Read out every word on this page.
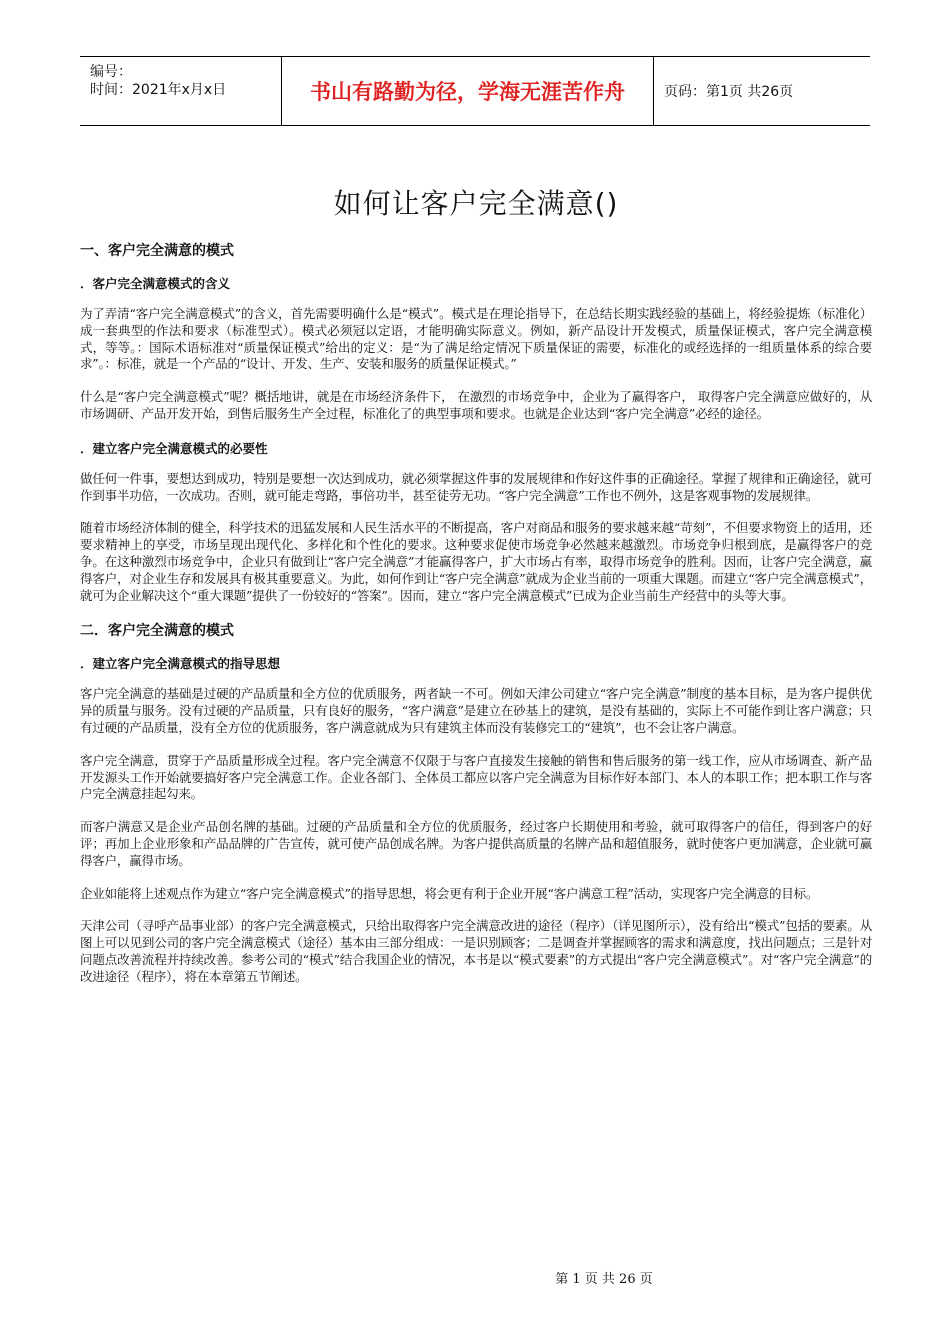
编号：
时间：2021年x月x日	书山有路勤为径，学海无涯苦作舟	页码：第1页 共26页
如何让客户完全满意()
一、客户完全满意的模式
．客户完全满意模式的含义

为了弄清“客户完全满意模式”的含义，首先需要明确什么是“模式”。模式是在理论指导下，在总结长期实践经验的基础上，将经验提炼（标准化）成一套典型的作法和要求（标准型式）。模式必须冠以定语，才能明确实际意义。例如，新产品设计开发模式，质量保证模式，客户完全满意模式，等等。：国际术语标准对“质量保证模式”给出的定义：是“为了满足给定情况下质量保证的需要，标准化的或经选择的一组质量体系的综合要求”。：标准，就是一个产品的“设计、开发、生产、安装和服务的质量保证模式。”

什么是“客户完全满意模式”呢？概括地讲，就是在市场经济条件下， 在激烈的市场竞争中，企业为了赢得客户， 取得客户完全满意应做好的，从市场调研、产品开发开始，到售后服务生产全过程，标准化了的典型事项和要求。也就是企业达到“客户完全满意”必经的途径。

．建立客户完全满意模式的必要性

做任何一件事，要想达到成功，特别是要想一次达到成功，就必须掌握这件事的发展规律和作好这件事的正确途径。掌握了规律和正确途径，就可作到事半功倍，一次成功。否则，就可能走弯路，事倍功半，甚至徒劳无功。“客户完全满意”工作也不例外，这是客观事物的发展规律。

随着市场经济体制的健全，科学技术的迅猛发展和人民生活水平的不断提高，客户对商品和服务的要求越来越“苛刻”，不但要求物资上的适用，还要求精神上的享受，市场呈现出现代化、多样化和个性化的要求。这种要求促使市场竞争必然越来越激烈。市场竞争归根到底，是赢得客户的竞争。在这种激烈市场竞争中，企业只有做到让“客户完全满意”才能赢得客户，扩大市场占有率，取得市场竞争的胜利。因而，让客户完全满意，赢得客户，对企业生存和发展具有极其重要意义。为此，如何作到让“客户完全满意”就成为企业当前的一项重大课题。而建立“客户完全满意模式”，就可为企业解决这个“重大课题”提供了一份较好的“答案”。因而，建立“客户完全满意模式”已成为企业当前生产经营中的头等大事。

二．客户完全满意的模式
．建立客户完全满意模式的指导思想

客户完全满意的基础是过硬的产品质量和全方位的优质服务，两者缺一不可。例如天津公司建立“客户完全满意”制度的基本目标，是为客户提供优异的质量与服务。没有过硬的产品质量，只有良好的服务，“客户满意”是建立在砂基上的建筑，是没有基础的，实际上不可能作到让客户满意；只有过硬的产品质量，没有全方位的优质服务，客户满意就成为只有建筑主体而没有装修完工的“建筑”，也不会让客户满意。

客户完全满意，贯穿于产品质量形成全过程。客户完全满意不仅限于与客户直接发生接触的销售和售后服务的第一线工作，应从市场调查、新产品开发源头工作开始就要搞好客户完全满意工作。企业各部门、全体员工都应以客户完全满意为目标作好本部门、本人的本职工作；把本职工作与客户完全满意挂起勾来。

而客户满意又是企业产品创名牌的基础。过硬的产品质量和全方位的优质服务，经过客户长期使用和考验，就可取得客户的信任，得到客户的好评；再加上企业形象和产品品牌的广告宣传，就可使产品创成名牌。为客户提供高质量的名牌产品和超值服务，就时使客户更加满意，企业就可赢得客户，赢得市场。

企业如能将上述观点作为建立“客户完全满意模式”的指导思想，将会更有利于企业开展“客户满意工程”活动，实现客户完全满意的目标。

天津公司（寻呼产品事业部）的客户完全满意模式，只给出取得客户完全满意改进的途径（程序）（详见图所示），没有给出“模式”包括的要素。从图上可以见到公司的客户完全满意模式（途径）基本由三部分组成：一是识别顾客；二是调查并掌握顾客的需求和满意度，找出问题点；三是针对问题点改善流程并持续改善。参考公司的“模式”结合我国企业的情况，本书是以“模式要素”的方式提出“客户完全满意模式”。对“客户完全满意”的改进途径（程序），将在本章第五节阐述。

第 1 页 共 26 页
